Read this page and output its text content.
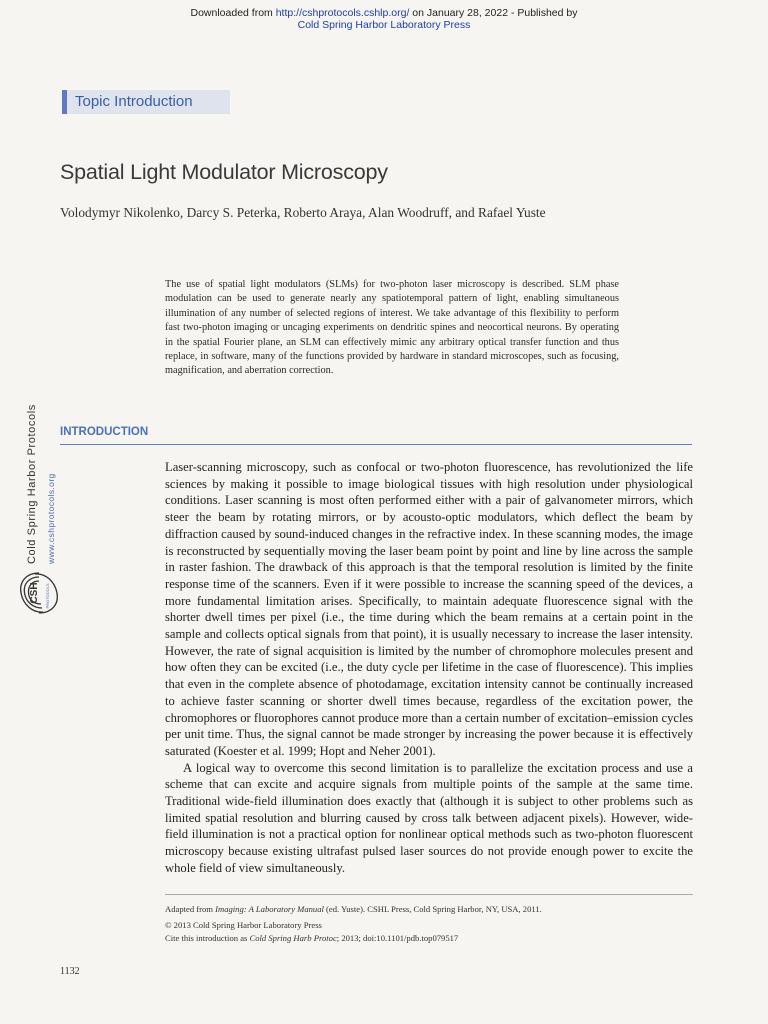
Downloaded from http://cshprotocols.cshlp.org/ on January 28, 2022 - Published by
Cold Spring Harbor Laboratory Press
Topic Introduction
Spatial Light Modulator Microscopy
Volodymyr Nikolenko, Darcy S. Peterka, Roberto Araya, Alan Woodruff, and Rafael Yuste
The use of spatial light modulators (SLMs) for two-photon laser microscopy is described. SLM phase modulation can be used to generate nearly any spatiotemporal pattern of light, enabling simultaneous illumination of any number of selected regions of interest. We take advantage of this flexibility to perform fast two-photon imaging or uncaging experiments on dendritic spines and neocortical neurons. By operating in the spatial Fourier plane, an SLM can effectively mimic any arbitrary optical transfer function and thus replace, in software, many of the functions provided by hardware in standard microscopes, such as focusing, magnification, and aberration correction.
Cold Spring Harbor Protocols www.cshprotocols.org
CSH PROTOCOLS
INTRODUCTION

Laser-scanning microscopy, such as confocal or two-photon fluorescence, has revolutionized the life sciences by making it possible to image biological tissues with high resolution under physiological conditions. Laser scanning is most often performed either with a pair of galvanometer mirrors, which steer the beam by rotating mirrors, or by acousto-optic modulators, which deflect the beam by diffraction caused by sound-induced changes in the refractive index. In these scanning modes, the image is reconstructed by sequentially moving the laser beam point by point and line by line across the sample in raster fashion. The drawback of this approach is that the temporal resolution is limited by the finite response time of the scanners. Even if it were possible to increase the scanning speed of the devices, a more fundamental limitation arises. Specifically, to maintain adequate fluorescence signal with the shorter dwell times per pixel (i.e., the time during which the beam remains at a certain point in the sample and collects optical signals from that point), it is usually necessary to increase the laser intensity. However, the rate of signal acquisition is limited by the number of chromophore molecules present and how often they can be excited (i.e., the duty cycle per lifetime in the case of fluorescence). This implies that even in the complete absence of photodamage, excitation intensity cannot be continually increased to achieve faster scanning or shorter dwell times because, regardless of the excitation power, the chromophores or fluorophores cannot produce more than a certain number of excitation–emission cycles per unit time. Thus, the signal cannot be made stronger by increasing the power because it is effectively saturated (Koester et al. 1999; Hopt and Neher 2001).

A logical way to overcome this second limitation is to parallelize the excitation process and use a scheme that can excite and acquire signals from multiple points of the sample at the same time. Traditional wide-field illumination does exactly that (although it is subject to other problems such as limited spatial resolution and blurring caused by cross talk between adjacent pixels). However, wide-field illumination is not a practical option for nonlinear optical methods such as two-photon fluorescent microscopy because existing ultrafast pulsed laser sources do not provide enough power to excite the whole field of view simultaneously.

Adapted from Imaging: A Laboratory Manual (ed. Yuste). CSHL Press, Cold Spring Harbor, NY, USA, 2011.
© 2013 Cold Spring Harbor Laboratory Press
Cite this introduction as Cold Spring Harb Protoc; 2013; doi:10.1101/pdb.top079517
1132
